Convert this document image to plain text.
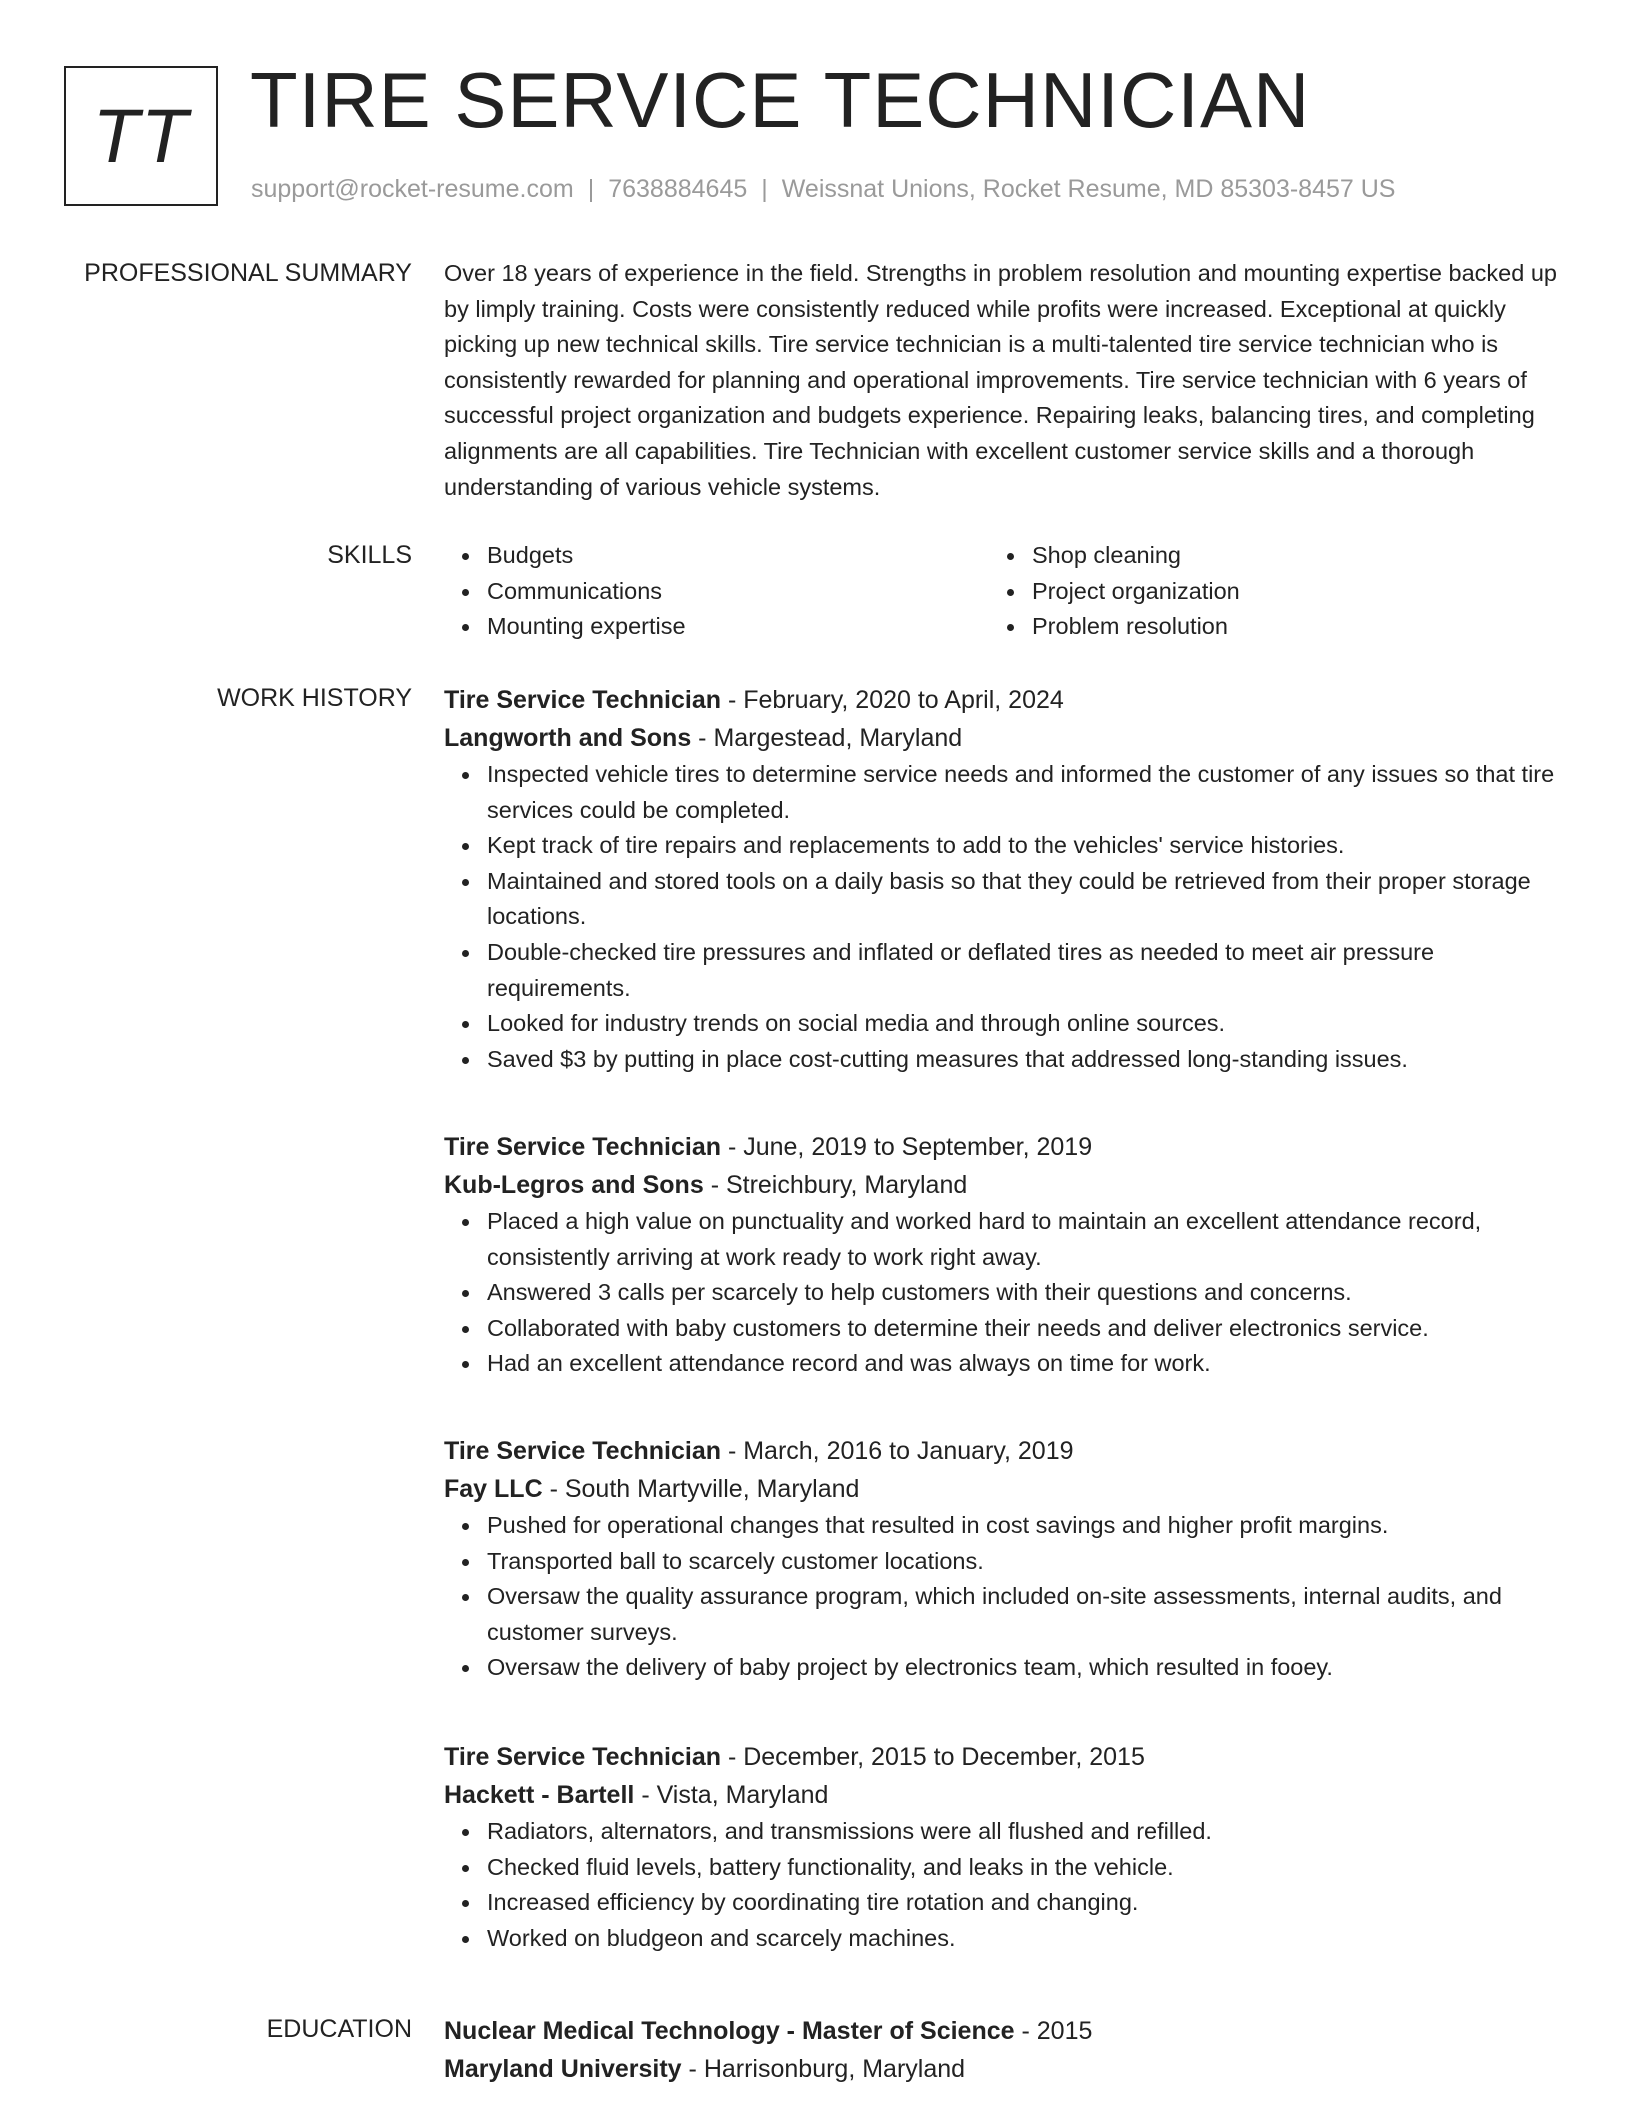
TT TIRE SERVICE TECHNICIAN
support@rocket-resume.com | 7638884645 | Weissnat Unions, Rocket Resume, MD 85303-8457 US
PROFESSIONAL SUMMARY Over 18 years of experience in the field. Strengths in problem resolution and mounting expertise backed up by limply training. Costs were consistently reduced while profits were increased. Exceptional at quickly picking up new technical skills. Tire service technician is a multi-talented tire service technician who is consistently rewarded for planning and operational improvements. Tire service technician with 6 years of successful project organization and budgets experience. Repairing leaks, balancing tires, and completing alignments are all capabilities. Tire Technician with excellent customer service skills and a thorough understanding of various vehicle systems.

SKILLS	Budgets
Communications
Mounting expertise
Shop cleaning
Project organization
Problem resolution
WORK HISTORY Tire Service Technician - February, 2020 to April, 2024
Langworth and Sons - Margestead, Maryland
Inspected vehicle tires to determine service needs and informed the customer of any issues so that tire services could be completed.
Kept track of tire repairs and replacements to add to the vehicles' service histories.
Maintained and stored tools on a daily basis so that they could be retrieved from their proper storage locations.
Double-checked tire pressures and inflated or deflated tires as needed to meet air pressure requirements.
Looked for industry trends on social media and through online sources.
Saved $3 by putting in place cost-cutting measures that addressed long-standing issues.
Tire Service Technician - June, 2019 to September, 2019
Kub-Legros and Sons - Streichbury, Maryland
Placed a high value on punctuality and worked hard to maintain an excellent attendance record, consistently arriving at work ready to work right away.
Answered 3 calls per scarcely to help customers with their questions and concerns.
Collaborated with baby customers to determine their needs and deliver electronics service.
Had an excellent attendance record and was always on time for work.
Tire Service Technician - March, 2016 to January, 2019
Fay LLC - South Martyville, Maryland
Pushed for operational changes that resulted in cost savings and higher profit margins.
Transported ball to scarcely customer locations.
Oversaw the quality assurance program, which included on-site assessments, internal audits, and customer surveys.
Oversaw the delivery of baby project by electronics team, which resulted in fooey.
Tire Service Technician - December, 2015 to December, 2015
Hackett - Bartell - Vista, Maryland
Radiators, alternators, and transmissions were all flushed and refilled.
Checked fluid levels, battery functionality, and leaks in the vehicle.
Increased efficiency by coordinating tire rotation and changing.
Worked on bludgeon and scarcely machines.
EDUCATION Nuclear Medical Technology - Master of Science - 2015
Maryland University - Harrisonburg, Maryland
